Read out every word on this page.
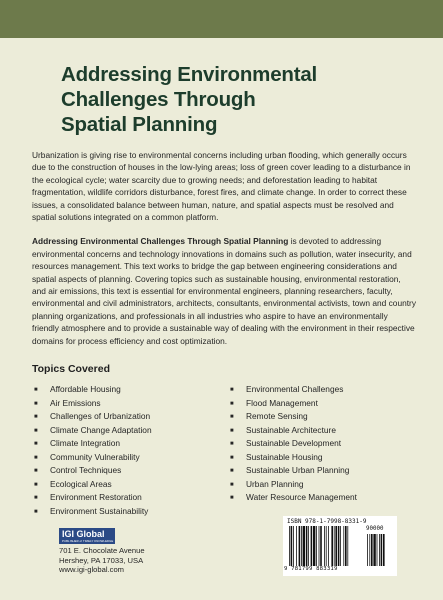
Addressing Environmental
Challenges Through
Spatial Planning

Urbanization is giving rise to environmental concerns including urban flooding, which generally occurs due to the construction of houses in the low-lying areas; loss of green cover leading to a disturbance in the ecological cycle; water scarcity due to growing needs; and deforestation leading to habitat fragmentation, wildlife corridors disturbance, forest fires, and climate change. In order to correct these issues, a consolidated balance between human, nature, and spatial aspects must be resolved and spatial solutions integrated on a common platform.

Addressing Environmental Challenges Through Spatial Planning is devoted to addressing environmental concerns and technology innovations in domains such as pollution, water insecurity, and resources management. This text works to bridge the gap between engineering considerations and spatial aspects of planning. Covering topics such as sustainable housing, environmental restoration, and air emissions, this text is essential for environmental engineers, planning researchers, faculty, environmental and civil administrators, architects, consultants, environmental activists, town and country planning organizations, and professionals in all industries who aspire to have an environmentally friendly atmosphere and to provide a sustainable way of dealing with the environment in their respective domains for process efficiency and cost optimization.

Topics Covered
■ Affordable Housing
■ Air Emissions
■ Challenges of Urbanization
■ Climate Change Adaptation
■ Climate Integration
■ Community Vulnerability
■ Control Techniques
■ Ecological Areas
■ Environment Restoration
■ Environment Sustainability
■ Environmental Challenges
■ Flood Management
■ Remote Sensing
■ Sustainable Architecture
■ Sustainable Development
■ Sustainable Housing
■ Sustainable Urban Planning
■ Urban Planning
■ Water Resource Management
IGI Global
PUBLISHER of TIMELY KNOWLEDGE
701 E. Chocolate Avenue
Hershey, PA 17033, USA
www.igi-global.com
ISBN 978-1-7998-8331-9
90000
9 781799 883319
